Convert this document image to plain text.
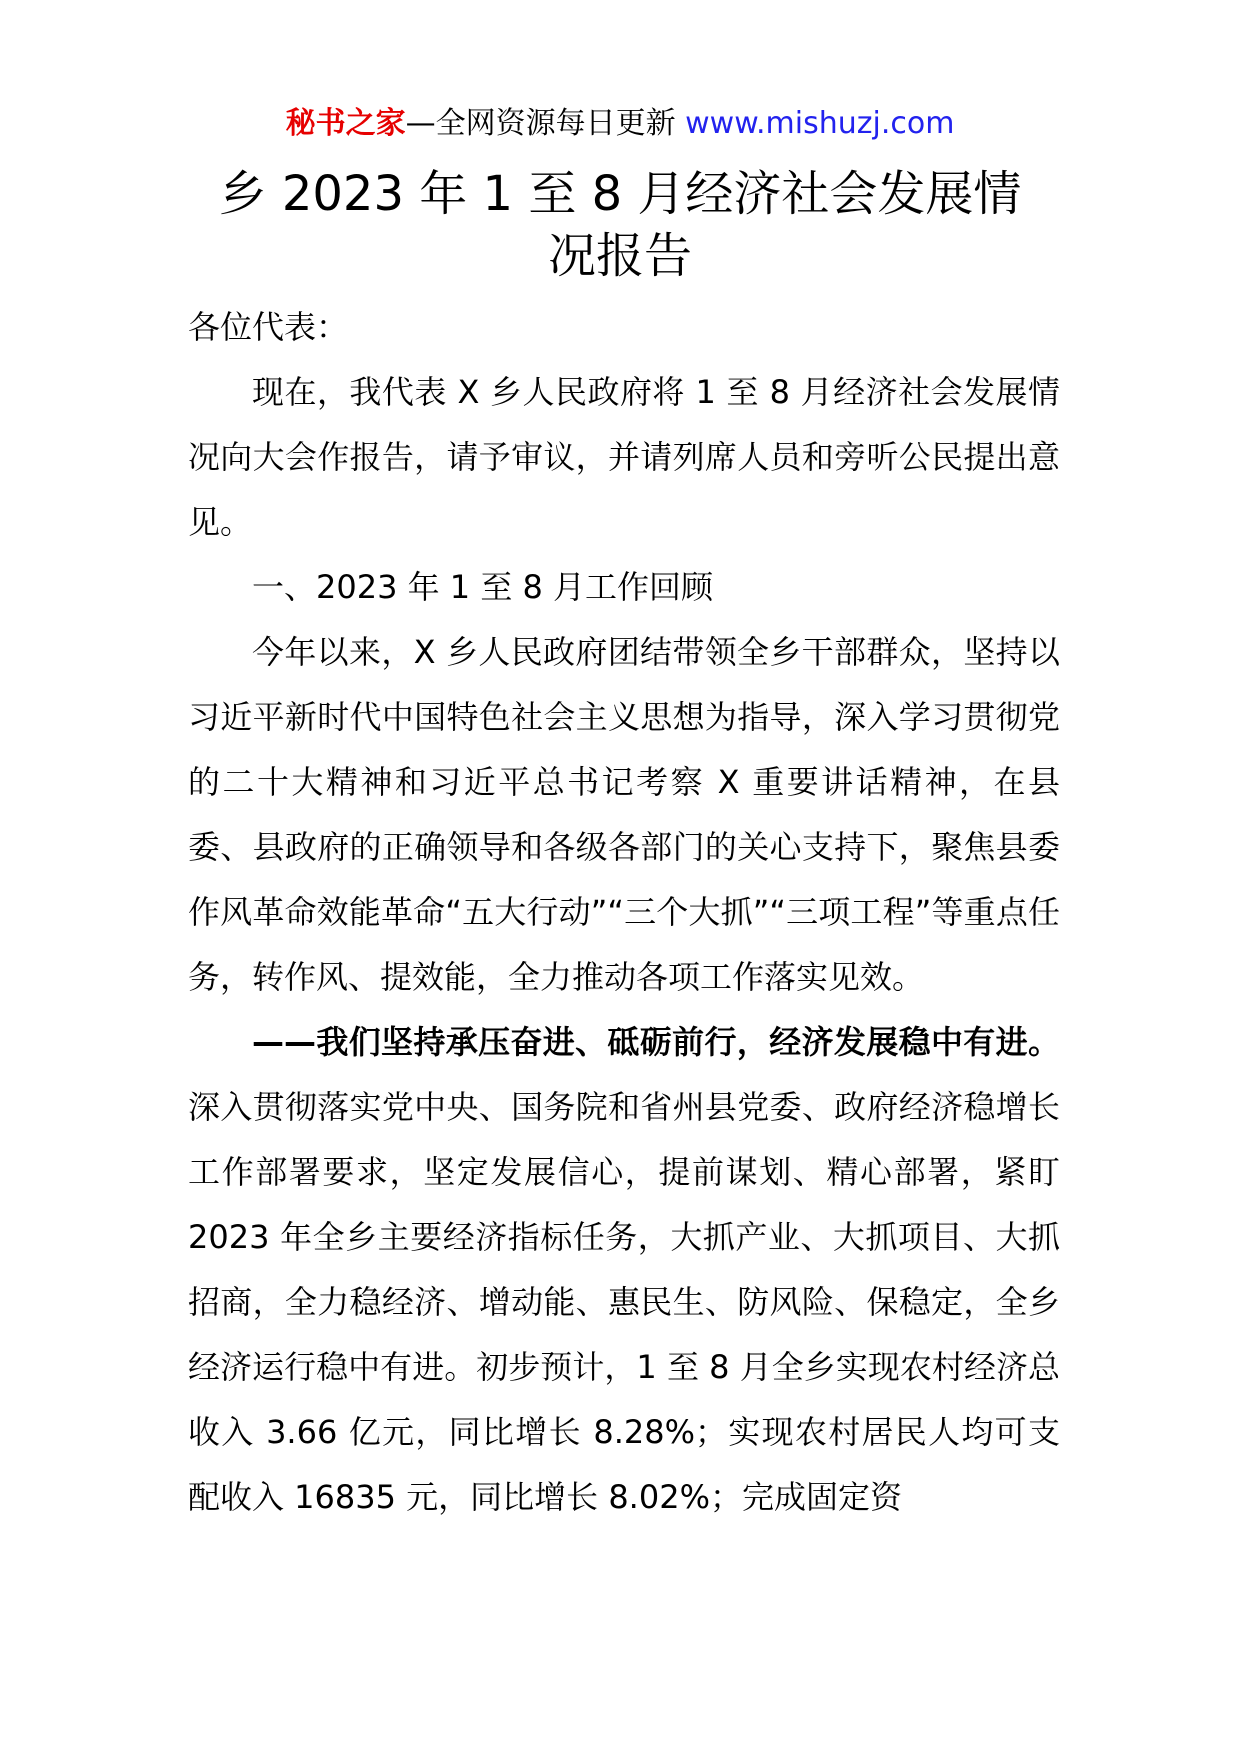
秘书之家—全网资源每日更新 www.mishuzj.com
乡 2023 年 1 至 8 月经济社会发展情况报告

各位代表：

现在，我代表 X 乡人民政府将 1 至 8 月经济社会发展情况向大会作报告，请予审议，并请列席人员和旁听公民提出意见。

一、2023 年 1 至 8 月工作回顾

今年以来，X 乡人民政府团结带领全乡干部群众，坚持以习近平新时代中国特色社会主义思想为指导，深入学习贯彻党的二十大精神和习近平总书记考察 X 重要讲话精神，在县委、县政府的正确领导和各级各部门的关心支持下，聚焦县委作风革命效能革命“五大行动”“三个大抓”“三项工程”等重点任务，转作风、提效能，全力推动各项工作落实见效。

——我们坚持承压奋进、砥砺前行，经济发展稳中有进。深入贯彻落实党中央、国务院和省州县党委、政府经济稳增长工作部署要求，坚定发展信心，提前谋划、精心部署，紧盯 2023 年全乡主要经济指标任务，大抓产业、大抓项目、大抓招商，全力稳经济、增动能、惠民生、防风险、保稳定，全乡经济运行稳中有进。初步预计，1 至 8 月全乡实现农村经济总收入 3.66 亿元，同比增长 8.28%；实现农村居民人均可支配收入 16835 元，同比增长 8.02%；完成固定资
